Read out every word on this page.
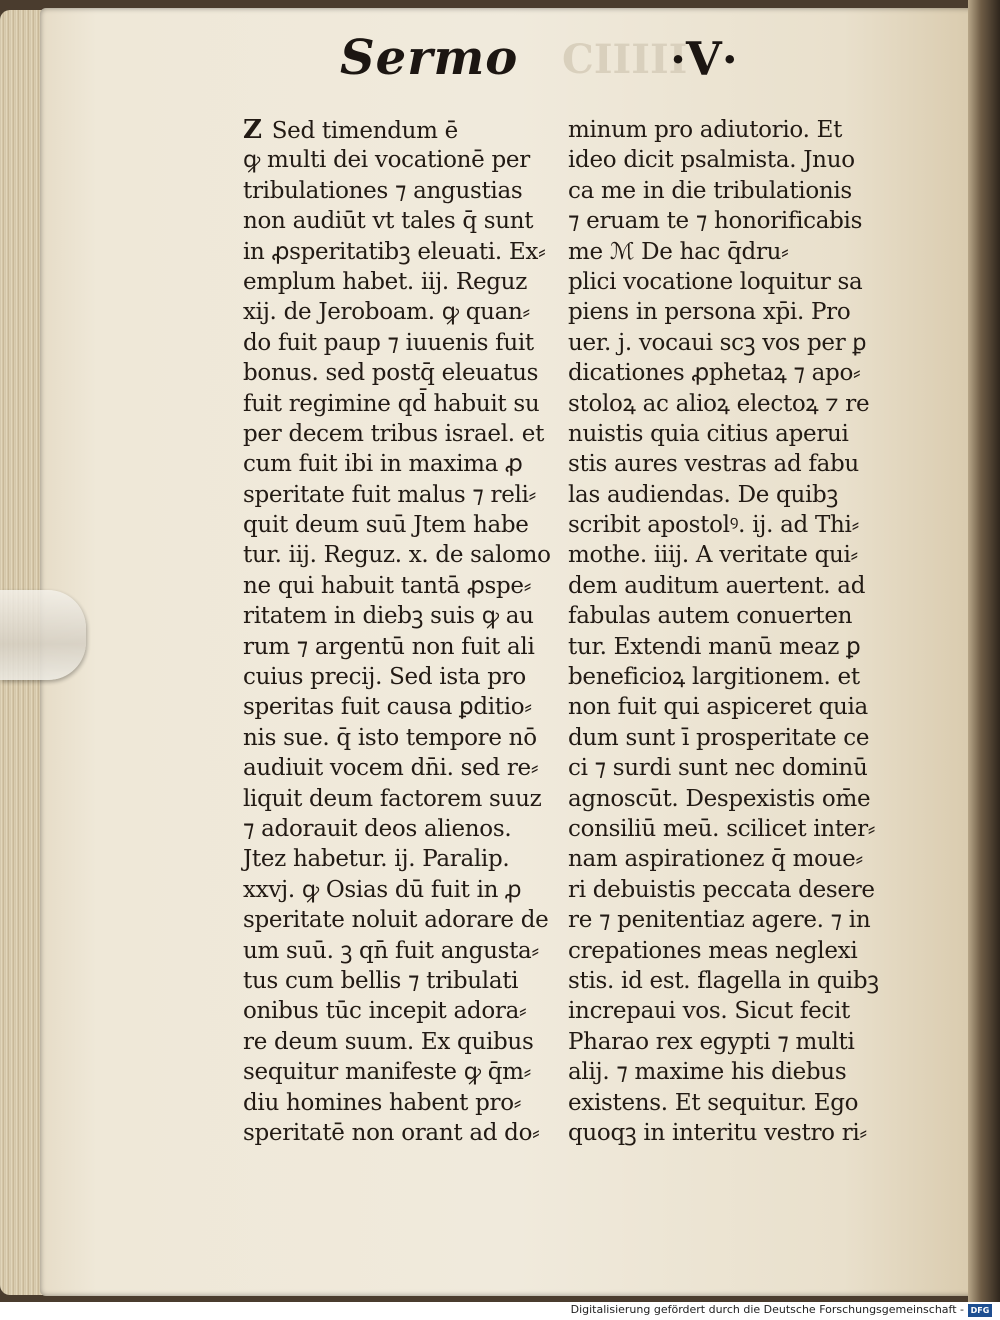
Sermo CIIIII
·V·
Z Sed timendum ē
ꝙ multi dei vocationē per
tribulationes ⁊ angustias
non audiūt vt tales q̄ sunt
in ꝓsperitatibꝫ eleuati. Ex⸗
emplum habet. iij. Reguz
xij. de Jeroboam. ꝙ quan⸗
do fuit paup ⁊ iuuenis fuit
bonus. sed postq̄ eleuatus
fuit regimine qd̄ habuit su
per decem tribus israel. et
cum fuit ibi in maxima ꝓ
speritate fuit malus ⁊ reli⸗
quit deum suū Jtem habe
tur. iij. Reguz. x. de salomo
ne qui habuit tantā ꝓspe⸗
ritatem in diebꝫ suis ꝙ au
rum ⁊ argentū non fuit ali
cuius precij. Sed ista pro
speritas fuit causa ꝑditio⸗
nis sue. q̄ isto tempore nō
audiuit vocem dn̄i. sed re⸗
liquit deum factorem suuz
⁊ adorauit deos alienos.
Jtez habetur. ij. Paralip.
xxvj. ꝙ Osias dū fuit in ꝓ
speritate noluit adorare de
um suū. ꝫ qn̄ fuit angusta⸗
tus cum bellis ⁊ tribulati
onibus tūc incepit adora⸗
re deum suum. Ex quibus
sequitur manifeste ꝙ q̄m⸗
diu homines habent pro⸗
speritatē non orant ad do⸗
minum pro adiutorio. Et
ideo dicit psalmista. Jnuo
ca me in die tribulationis
⁊ eruam te ⁊ honorificabis
me ℳ De hac q̄dru⸗
plici vocatione loquitur sa
piens in persona xp̄i. Pro
uer. j. vocaui scꝫ vos per ꝑ
dicationes ꝓphetaꝝ ⁊ apo⸗
stoloꝝ ac alioꝝ electoꝝ ⁊ re
nuistis quia citius aperui
stis aures vestras ad fabu
las audiendas. De quibꝫ
scribit apostolꝰ. ij. ad Thi⸗
mothe. iiij. A veritate qui⸗
dem auditum auertent. ad
fabulas autem conuerten
tur. Extendi manū meaz ꝑ
beneficioꝝ largitionem. et
non fuit qui aspiceret quia
dum sunt ī prosperitate ce
ci ⁊ surdi sunt nec dominū
agnoscūt. Despexistis om̄e
consiliū meū. scilicet inter⸗
nam aspirationez q̄ moue⸗
ri debuistis peccata desere
re ⁊ penitentiaz agere. ⁊ in
crepationes meas neglexi
stis. id est. flagella in quibꝫ
increpaui vos. Sicut fecit
Pharao rex egypti ⁊ multi
alij. ⁊ maxime his diebus
existens. Et sequitur. Ego
quoqꝫ in interitu vestro ri⸗
Digitalisierung gefördert durch die Deutsche Forschungsgemeinschaft - DFG
